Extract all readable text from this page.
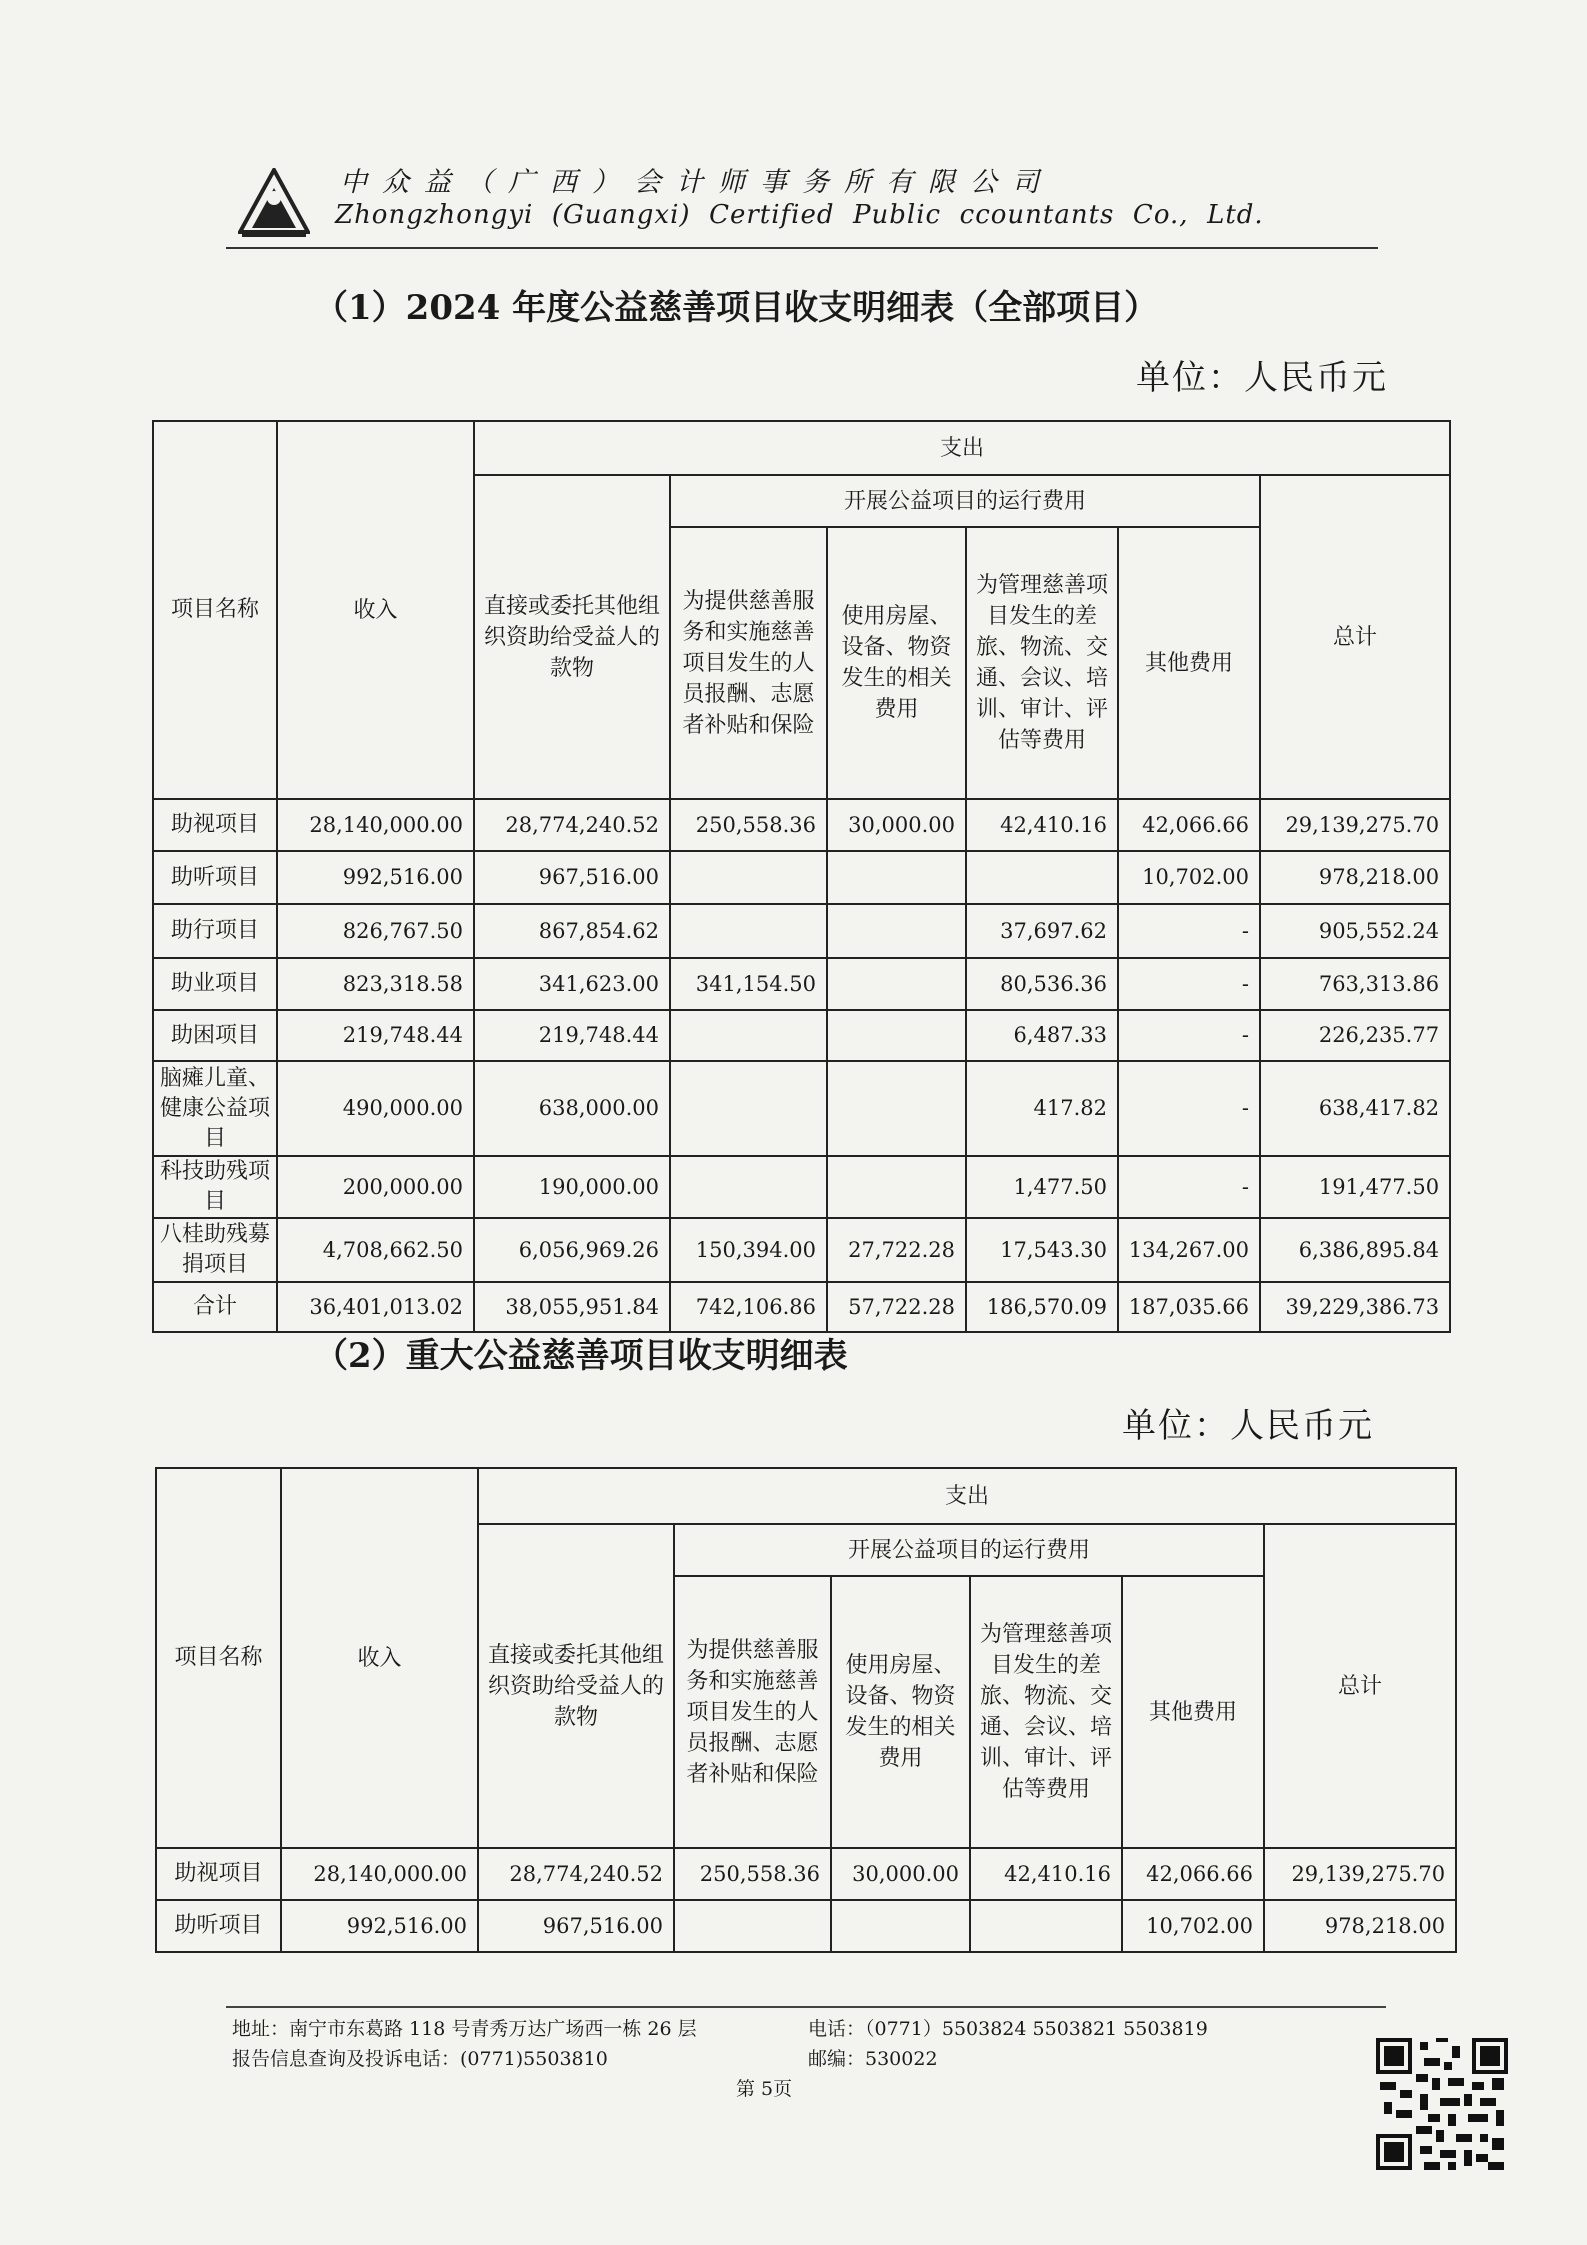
中众益（广西）会计师事务所有限公司
Zhongzhongyi  (Guangxi)  Certified  Public  ccountants  Co.,  Ltd.
（1）2024 年度公益慈善项目收支明细表（全部项目）
单位：人民币元
项目名称	收入	支出					
		直接或委托其他组织资助给受益人的款物	开展公益项目的运行费用				总计
			为提供慈善服务和实施慈善项目发生的人员报酬、志愿者补贴和保险	使用房屋、设备、物资发生的相关费用	为管理慈善项目发生的差旅、物流、交通、会议、培训、审计、评估等费用	其他费用	
助视项目	28,140,000.00	28,774,240.52	250,558.36	30,000.00	42,410.16	42,066.66	29,139,275.70
助听项目	992,516.00	967,516.00				10,702.00	978,218.00
助行项目	826,767.50	867,854.62			37,697.62	-	905,552.24
助业项目	823,318.58	341,623.00	341,154.50		80,536.36	-	763,313.86
助困项目	219,748.44	219,748.44			6,487.33	-	226,235.77
脑瘫儿童、健康公益项目	490,000.00	638,000.00			417.82	-	638,417.82
科技助残项目	200,000.00	190,000.00			1,477.50	-	191,477.50
八桂助残募捐项目	4,708,662.50	6,056,969.26	150,394.00	27,722.28	17,543.30	134,267.00	6,386,895.84
合计	36,401,013.02	38,055,951.84	742,106.86	57,722.28	186,570.09	187,035.66	39,229,386.73
（2）重大公益慈善项目收支明细表
单位：人民币元
项目名称	收入	支出					
		直接或委托其他组织资助给受益人的款物	开展公益项目的运行费用				总计
			为提供慈善服务和实施慈善项目发生的人员报酬、志愿者补贴和保险	使用房屋、设备、物资发生的相关费用	为管理慈善项目发生的差旅、物流、交通、会议、培训、审计、评估等费用	其他费用	
助视项目	28,140,000.00	28,774,240.52	250,558.36	30,000.00	42,410.16	42,066.66	29,139,275.70
助听项目	992,516.00	967,516.00				10,702.00	978,218.00
地址：南宁市东葛路 118 号青秀万达广场西一栋 26 层	电话：（0771）5503824 5503821 5503819
报告信息查询及投诉电话：(0771)5503810	邮编：530022
第 5页
